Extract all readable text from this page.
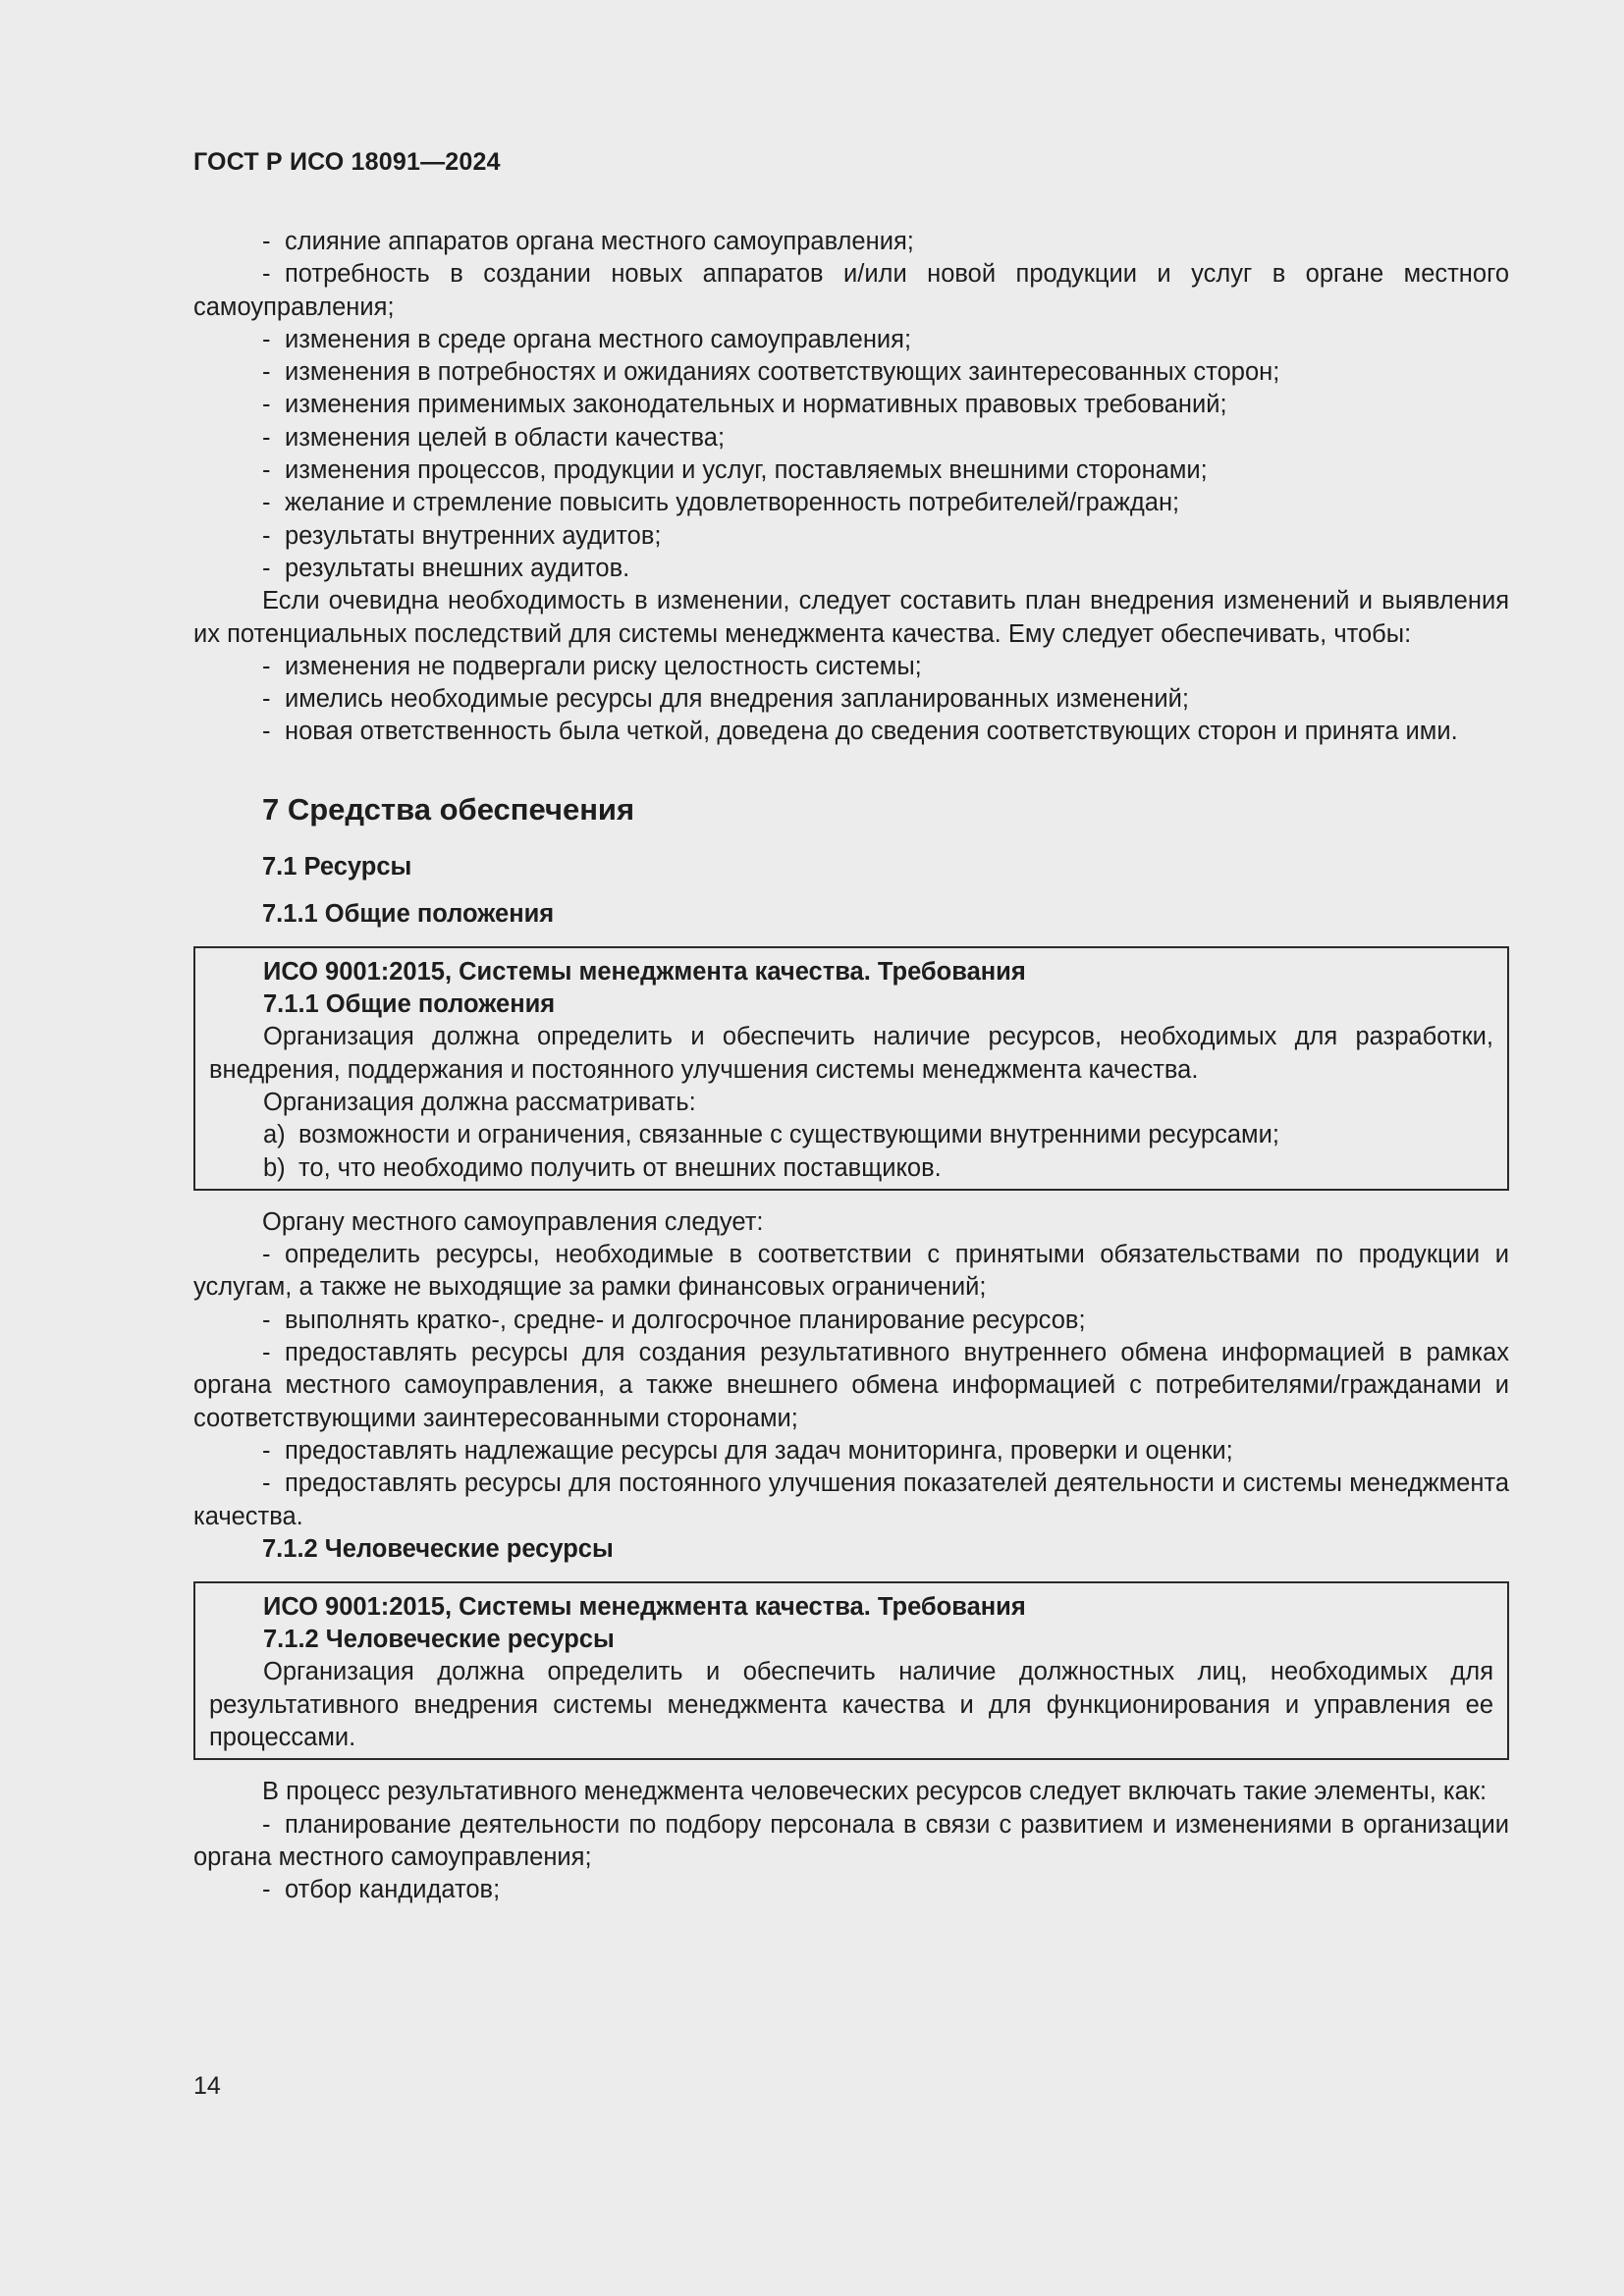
ГОСТ Р ИСО 18091—2024

- слияние аппаратов органа местного самоуправления;

- потребность в создании новых аппаратов и/или новой продукции и услуг в органе местного самоуправления;

- изменения в среде органа местного самоуправления;

- изменения в потребностях и ожиданиях соответствующих заинтересованных сторон;

- изменения применимых законодательных и нормативных правовых требований;

- изменения целей в области качества;

- изменения процессов, продукции и услуг, поставляемых внешними сторонами;

- желание и стремление повысить удовлетворенность потребителей/граждан;

- результаты внутренних аудитов;

- результаты внешних аудитов.

Если очевидна необходимость в изменении, следует составить план внедрения изменений и выявления их потенциальных последствий для системы менеджмента качества. Ему следует обеспечивать, чтобы:

- изменения не подвергали риску целостность системы;

- имелись необходимые ресурсы для внедрения запланированных изменений;

- новая ответственность была четкой, доведена до сведения соответствующих сторон и принята ими.

7 Средства обеспечения
7.1 Ресурсы
7.1.1 Общие положения

ИСО 9001:2015, Системы менеджмента качества. Требования

7.1.1 Общие положения

Организация должна определить и обеспечить наличие ресурсов, необходимых для разработки, внедрения, поддержания и постоянного улучшения системы менеджмента качества.

Организация должна рассматривать:

a) возможности и ограничения, связанные с существующими внутренними ресурсами;

b) то, что необходимо получить от внешних поставщиков.

Органу местного самоуправления следует:

- определить ресурсы, необходимые в соответствии с принятыми обязательствами по продукции и услугам, а также не выходящие за рамки финансовых ограничений;

- выполнять кратко-, средне- и долгосрочное планирование ресурсов;

- предоставлять ресурсы для создания результативного внутреннего обмена информацией в рамках органа местного самоуправления, а также внешнего обмена информацией с потребителями/гражданами и соответствующими заинтересованными сторонами;

- предоставлять надлежащие ресурсы для задач мониторинга, проверки и оценки;

- предоставлять ресурсы для постоянного улучшения показателей деятельности и системы менеджмента качества.

7.1.2 Человеческие ресурсы

ИСО 9001:2015, Системы менеджмента качества. Требования

7.1.2 Человеческие ресурсы

Организация должна определить и обеспечить наличие должностных лиц, необходимых для результативного внедрения системы менеджмента качества и для функционирования и управления ее процессами.

В процесс результативного менеджмента человеческих ресурсов следует включать такие элементы, как:

- планирование деятельности по подбору персонала в связи с развитием и изменениями в организации органа местного самоуправления;

- отбор кандидатов;

14
